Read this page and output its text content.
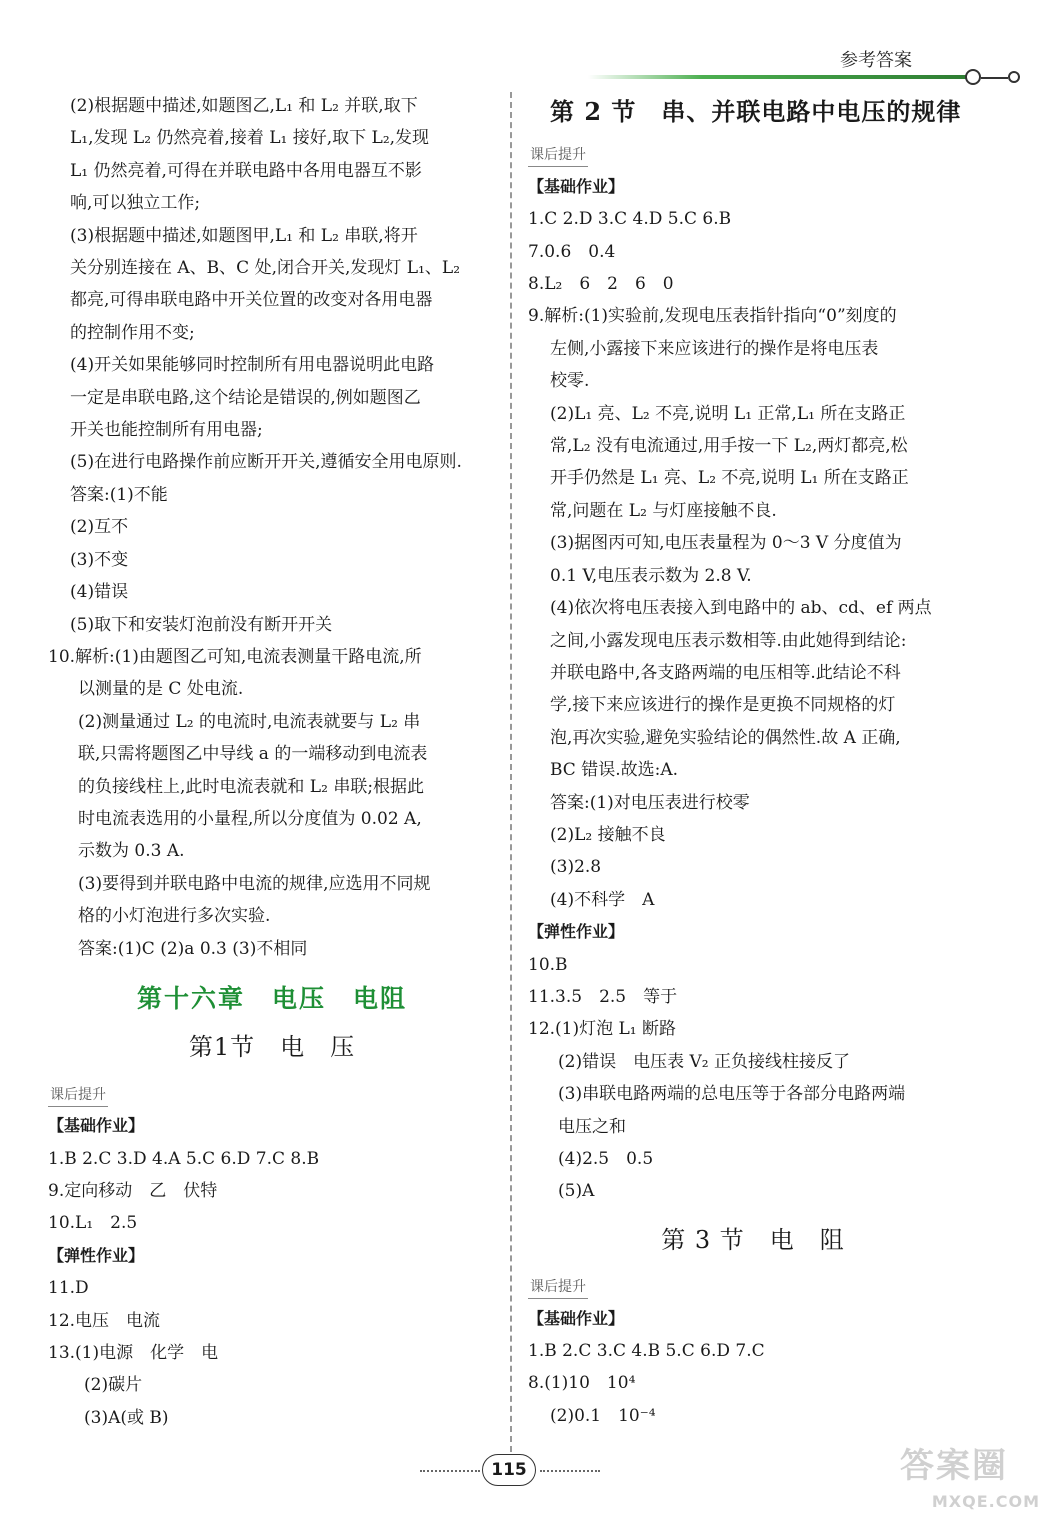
参考答案
(2)根据题中描述,如题图乙,L₁ 和 L₂ 并联,取下
L₁,发现 L₂ 仍然亮着,接着 L₁ 接好,取下 L₂,发现
L₁ 仍然亮着,可得在并联电路中各用电器互不影
响,可以独立工作;
(3)根据题中描述,如题图甲,L₁ 和 L₂ 串联,将开
关分别连接在 A、B、C 处,闭合开关,发现灯 L₁、L₂
都亮,可得串联电路中开关位置的改变对各用电器
的控制作用不变;
(4)开关如果能够同时控制所有用电器说明此电路
一定是串联电路,这个结论是错误的,例如题图乙
开关也能控制所有用电器;
(5)在进行电路操作前应断开开关,遵循安全用电原则.
答案:(1)不能
(2)互不
(3)不变
(4)错误
(5)取下和安装灯泡前没有断开开关
10.解析:(1)由题图乙可知,电流表测量干路电流,所
以测量的是 C 处电流.
(2)测量通过 L₂ 的电流时,电流表就要与 L₂ 串
联,只需将题图乙中导线 a 的一端移动到电流表
的负接线柱上,此时电流表就和 L₂ 串联;根据此
时电流表选用的小量程,所以分度值为 0.02 A,
示数为 0.3 A.
(3)要得到并联电路中电流的规律,应选用不同规
格的小灯泡进行多次实验.
答案:(1)C (2)a 0.3 (3)不相同
第十六章　电压　电阻
第1节　电　压
课后提升
【基础作业】
1.B 2.C 3.D 4.A 5.C 6.D 7.C 8.B
9.定向移动　乙　伏特
10.L₁　2.5
【弹性作业】
11.D
12.电压　电流
13.(1)电源　化学　电
(2)碳片
(3)A(或 B)
第 2 节　串、并联电路中电压的规律
课后提升
【基础作业】
1.C 2.D 3.C 4.D 5.C 6.B
7.0.6　0.4
8.L₂　6　2　6　0
9.解析:(1)实验前,发现电压表指针指向“0”刻度的
左侧,小露接下来应该进行的操作是将电压表
校零.
(2)L₁ 亮、L₂ 不亮,说明 L₁ 正常,L₁ 所在支路正
常,L₂ 没有电流通过,用手按一下 L₂,两灯都亮,松
开手仍然是 L₁ 亮、L₂ 不亮,说明 L₁ 所在支路正
常,问题在 L₂ 与灯座接触不良.
(3)据图丙可知,电压表量程为 0～3 V 分度值为
0.1 V,电压表示数为 2.8 V.
(4)依次将电压表接入到电路中的 ab、cd、ef 两点
之间,小露发现电压表示数相等.由此她得到结论:
并联电路中,各支路两端的电压相等.此结论不科
学,接下来应该进行的操作是更换不同规格的灯
泡,再次实验,避免实验结论的偶然性.故 A 正确,
BC 错误.故选:A.
答案:(1)对电压表进行校零
(2)L₂ 接触不良
(3)2.8
(4)不科学　A
【弹性作业】
10.B
11.3.5　2.5　等于
12.(1)灯泡 L₁ 断路
(2)错误　电压表 V₂ 正负接线柱接反了
(3)串联电路两端的总电压等于各部分电路两端
电压之和
(4)2.5　0.5
(5)A
第 3 节　电　阻
课后提升
【基础作业】
1.B 2.C 3.C 4.B 5.C 6.D 7.C
8.(1)10　10⁴
(2)0.1　10⁻⁴
115	答案圈
MXQE.COM
